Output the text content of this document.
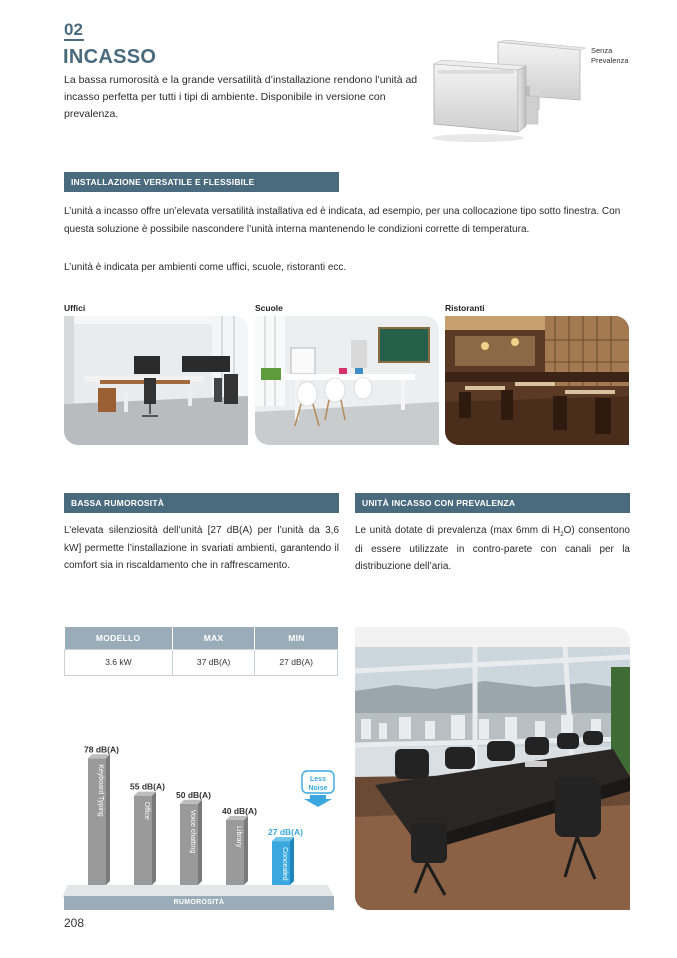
02
INCASSO
La bassa rumorosità e la grande versatilità d’installazione rendono l’unità ad incasso perfetta per tutti i tipi di ambiente. Disponibile in versione con prevalenza.
Senza
Prevalenza
INSTALLAZIONE VERSATILE E FLESSIBILE
L’unità a incasso offre un’elevata versatilità installativa ed è indicata, ad esempio, per una collocazione tipo sotto finestra. Con questa soluzione è possibile nascondere l’unità interna mantenendo le condizioni corrette di temperatura.
L’unità è indicata per ambienti come uffici, scuole, ristoranti ecc.
Uffici	Scuole	Ristoranti
BASSA RUMOROSITÀ	UNITÀ INCASSO CON PREVALENZA
L’elevata silenziosità dell’unità [27 dB(A) per l’unità da 3,6 kW] permette l’installazione in svariati ambienti, garantendo il comfort sia in riscaldamento che in raffrescamento.
Le unità dotate di prevalenza (max 6mm di $H_2O$) consentono di essere utilizzate in contro-parete con canali per la distribuzione dell’aria.
MODELLO	MAX	MIN
3.6 kW	37 dB(A)	27 dB(A)
78 dB(A)
Keyboard Typing	55 dB(A)
Office
50 dB(A)
Voice chatting	40 dB(A)
Library	27 dB(A)
Concealed
Less
Noise
RUMOROSITÀ
208
